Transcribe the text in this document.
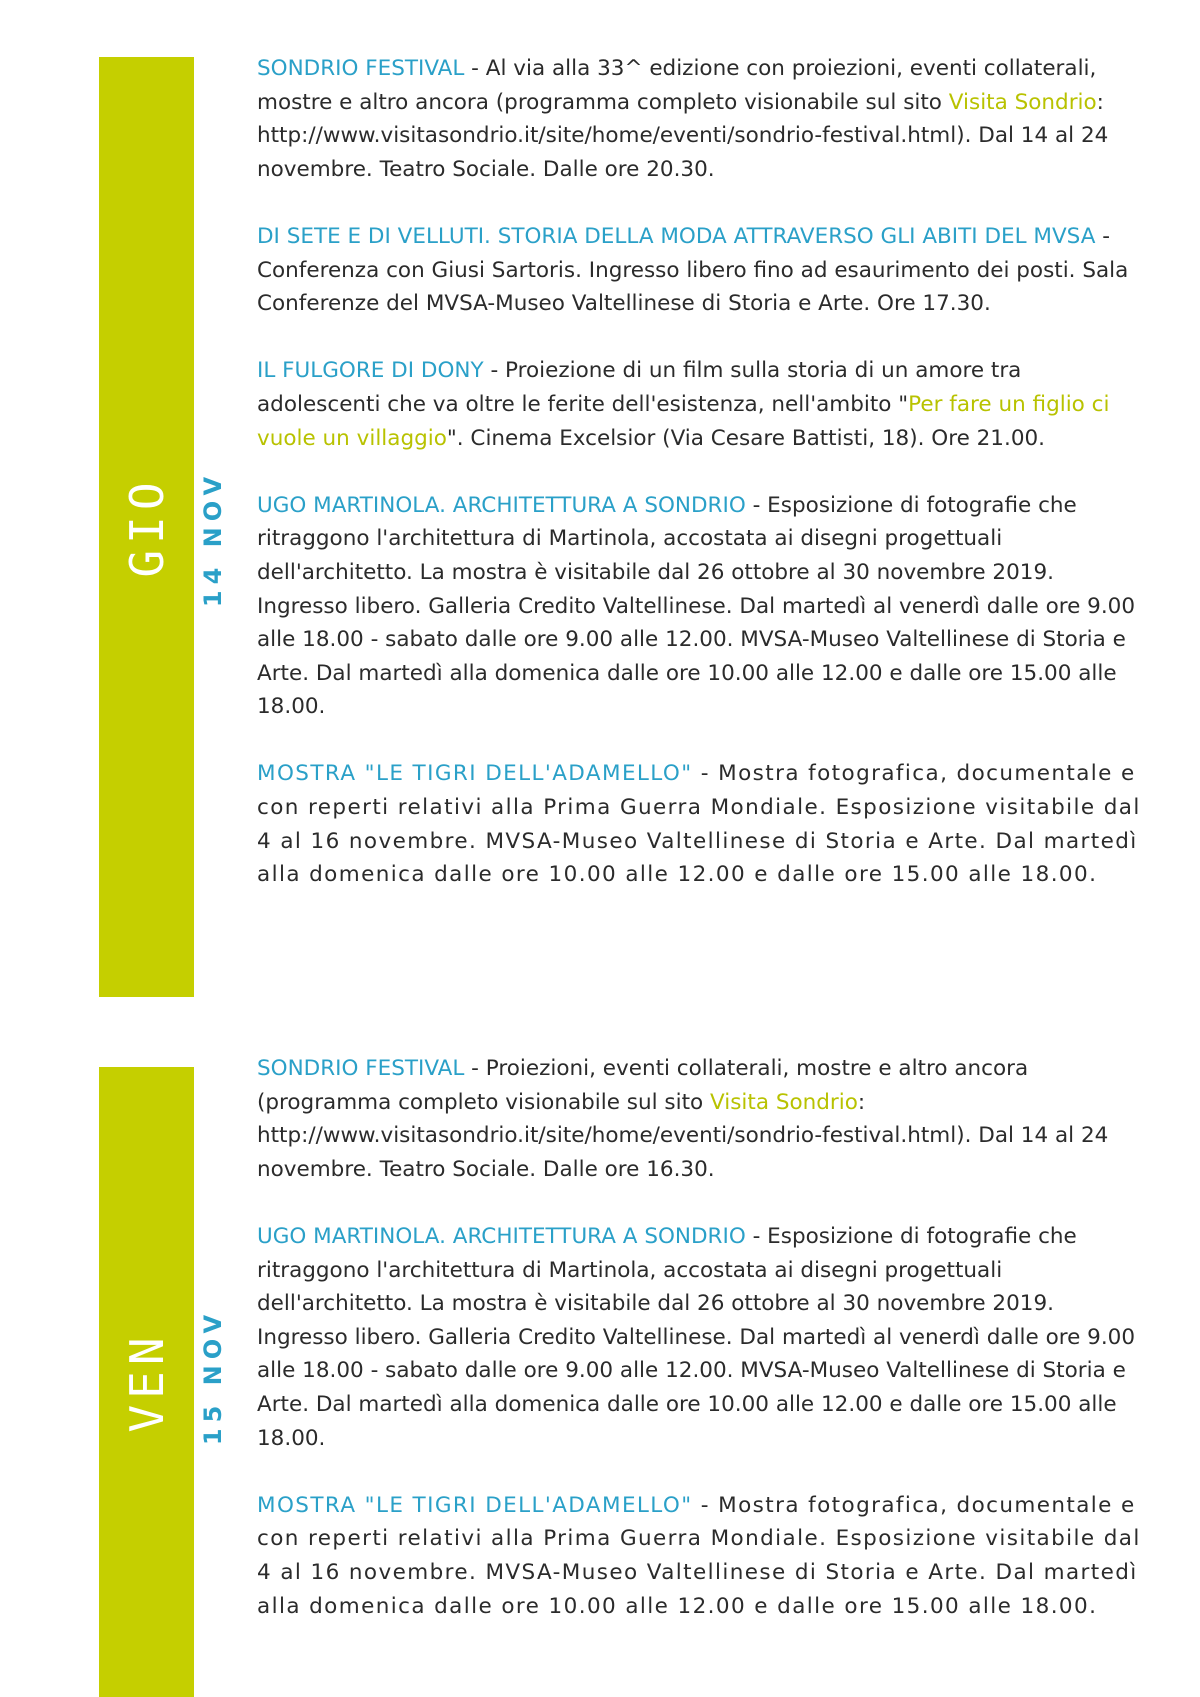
GIO 14 NOV

SONDRIO FESTIVAL - Al via alla 33^ edizione con proiezioni, eventi collaterali, mostre e altro ancora (programma completo visionabile sul sito Visita Sondrio: http://www.visitasondrio.it/site/home/eventi/sondrio-festival.html). Dal 14 al 24 novembre. Teatro Sociale. Dalle ore 20.30.

DI SETE E DI VELLUTI. STORIA DELLA MODA ATTRAVERSO GLI ABITI DEL MVSA - Conferenza con Giusi Sartoris. Ingresso libero fino ad esaurimento dei posti. Sala Conferenze del MVSA-Museo Valtellinese di Storia e Arte. Ore 17.30.

IL FULGORE DI DONY - Proiezione di un film sulla storia di un amore tra adolescenti che va oltre le ferite dell'esistenza, nell'ambito "Per fare un figlio ci vuole un villaggio". Cinema Excelsior (Via Cesare Battisti, 18). Ore 21.00.

UGO MARTINOLA. ARCHITETTURA A SONDRIO - Esposizione di fotografie che ritraggono l'architettura di Martinola, accostata ai disegni progettuali dell'architetto. La mostra è visitabile dal 26 ottobre al 30 novembre 2019. Ingresso libero. Galleria Credito Valtellinese. Dal martedì al venerdì dalle ore 9.00 alle 18.00 - sabato dalle ore 9.00 alle 12.00. MVSA-Museo Valtellinese di Storia e Arte. Dal martedì alla domenica dalle ore 10.00 alle 12.00 e dalle ore 15.00 alle 18.00.

MOSTRA "LE TIGRI DELL'ADAMELLO" - Mostra fotografica, documentale e con reperti relativi alla Prima Guerra Mondiale. Esposizione visitabile dal 4 al 16 novembre. MVSA-Museo Valtellinese di Storia e Arte. Dal martedì alla domenica dalle ore 10.00 alle 12.00 e dalle ore 15.00 alle 18.00.

VEN 15 NOV

SONDRIO FESTIVAL - Proiezioni, eventi collaterali, mostre e altro ancora (programma completo visionabile sul sito Visita Sondrio: http://www.visitasondrio.it/site/home/eventi/sondrio-festival.html). Dal 14 al 24 novembre. Teatro Sociale. Dalle ore 16.30.

UGO MARTINOLA. ARCHITETTURA A SONDRIO - Esposizione di fotografie che ritraggono l'architettura di Martinola, accostata ai disegni progettuali dell'architetto. La mostra è visitabile dal 26 ottobre al 30 novembre 2019. Ingresso libero. Galleria Credito Valtellinese. Dal martedì al venerdì dalle ore 9.00 alle 18.00 - sabato dalle ore 9.00 alle 12.00. MVSA-Museo Valtellinese di Storia e Arte. Dal martedì alla domenica dalle ore 10.00 alle 12.00 e dalle ore 15.00 alle 18.00.

MOSTRA "LE TIGRI DELL'ADAMELLO" - Mostra fotografica, documentale e con reperti relativi alla Prima Guerra Mondiale. Esposizione visitabile dal 4 al 16 novembre. MVSA-Museo Valtellinese di Storia e Arte. Dal martedì alla domenica dalle ore 10.00 alle 12.00 e dalle ore 15.00 alle 18.00.
